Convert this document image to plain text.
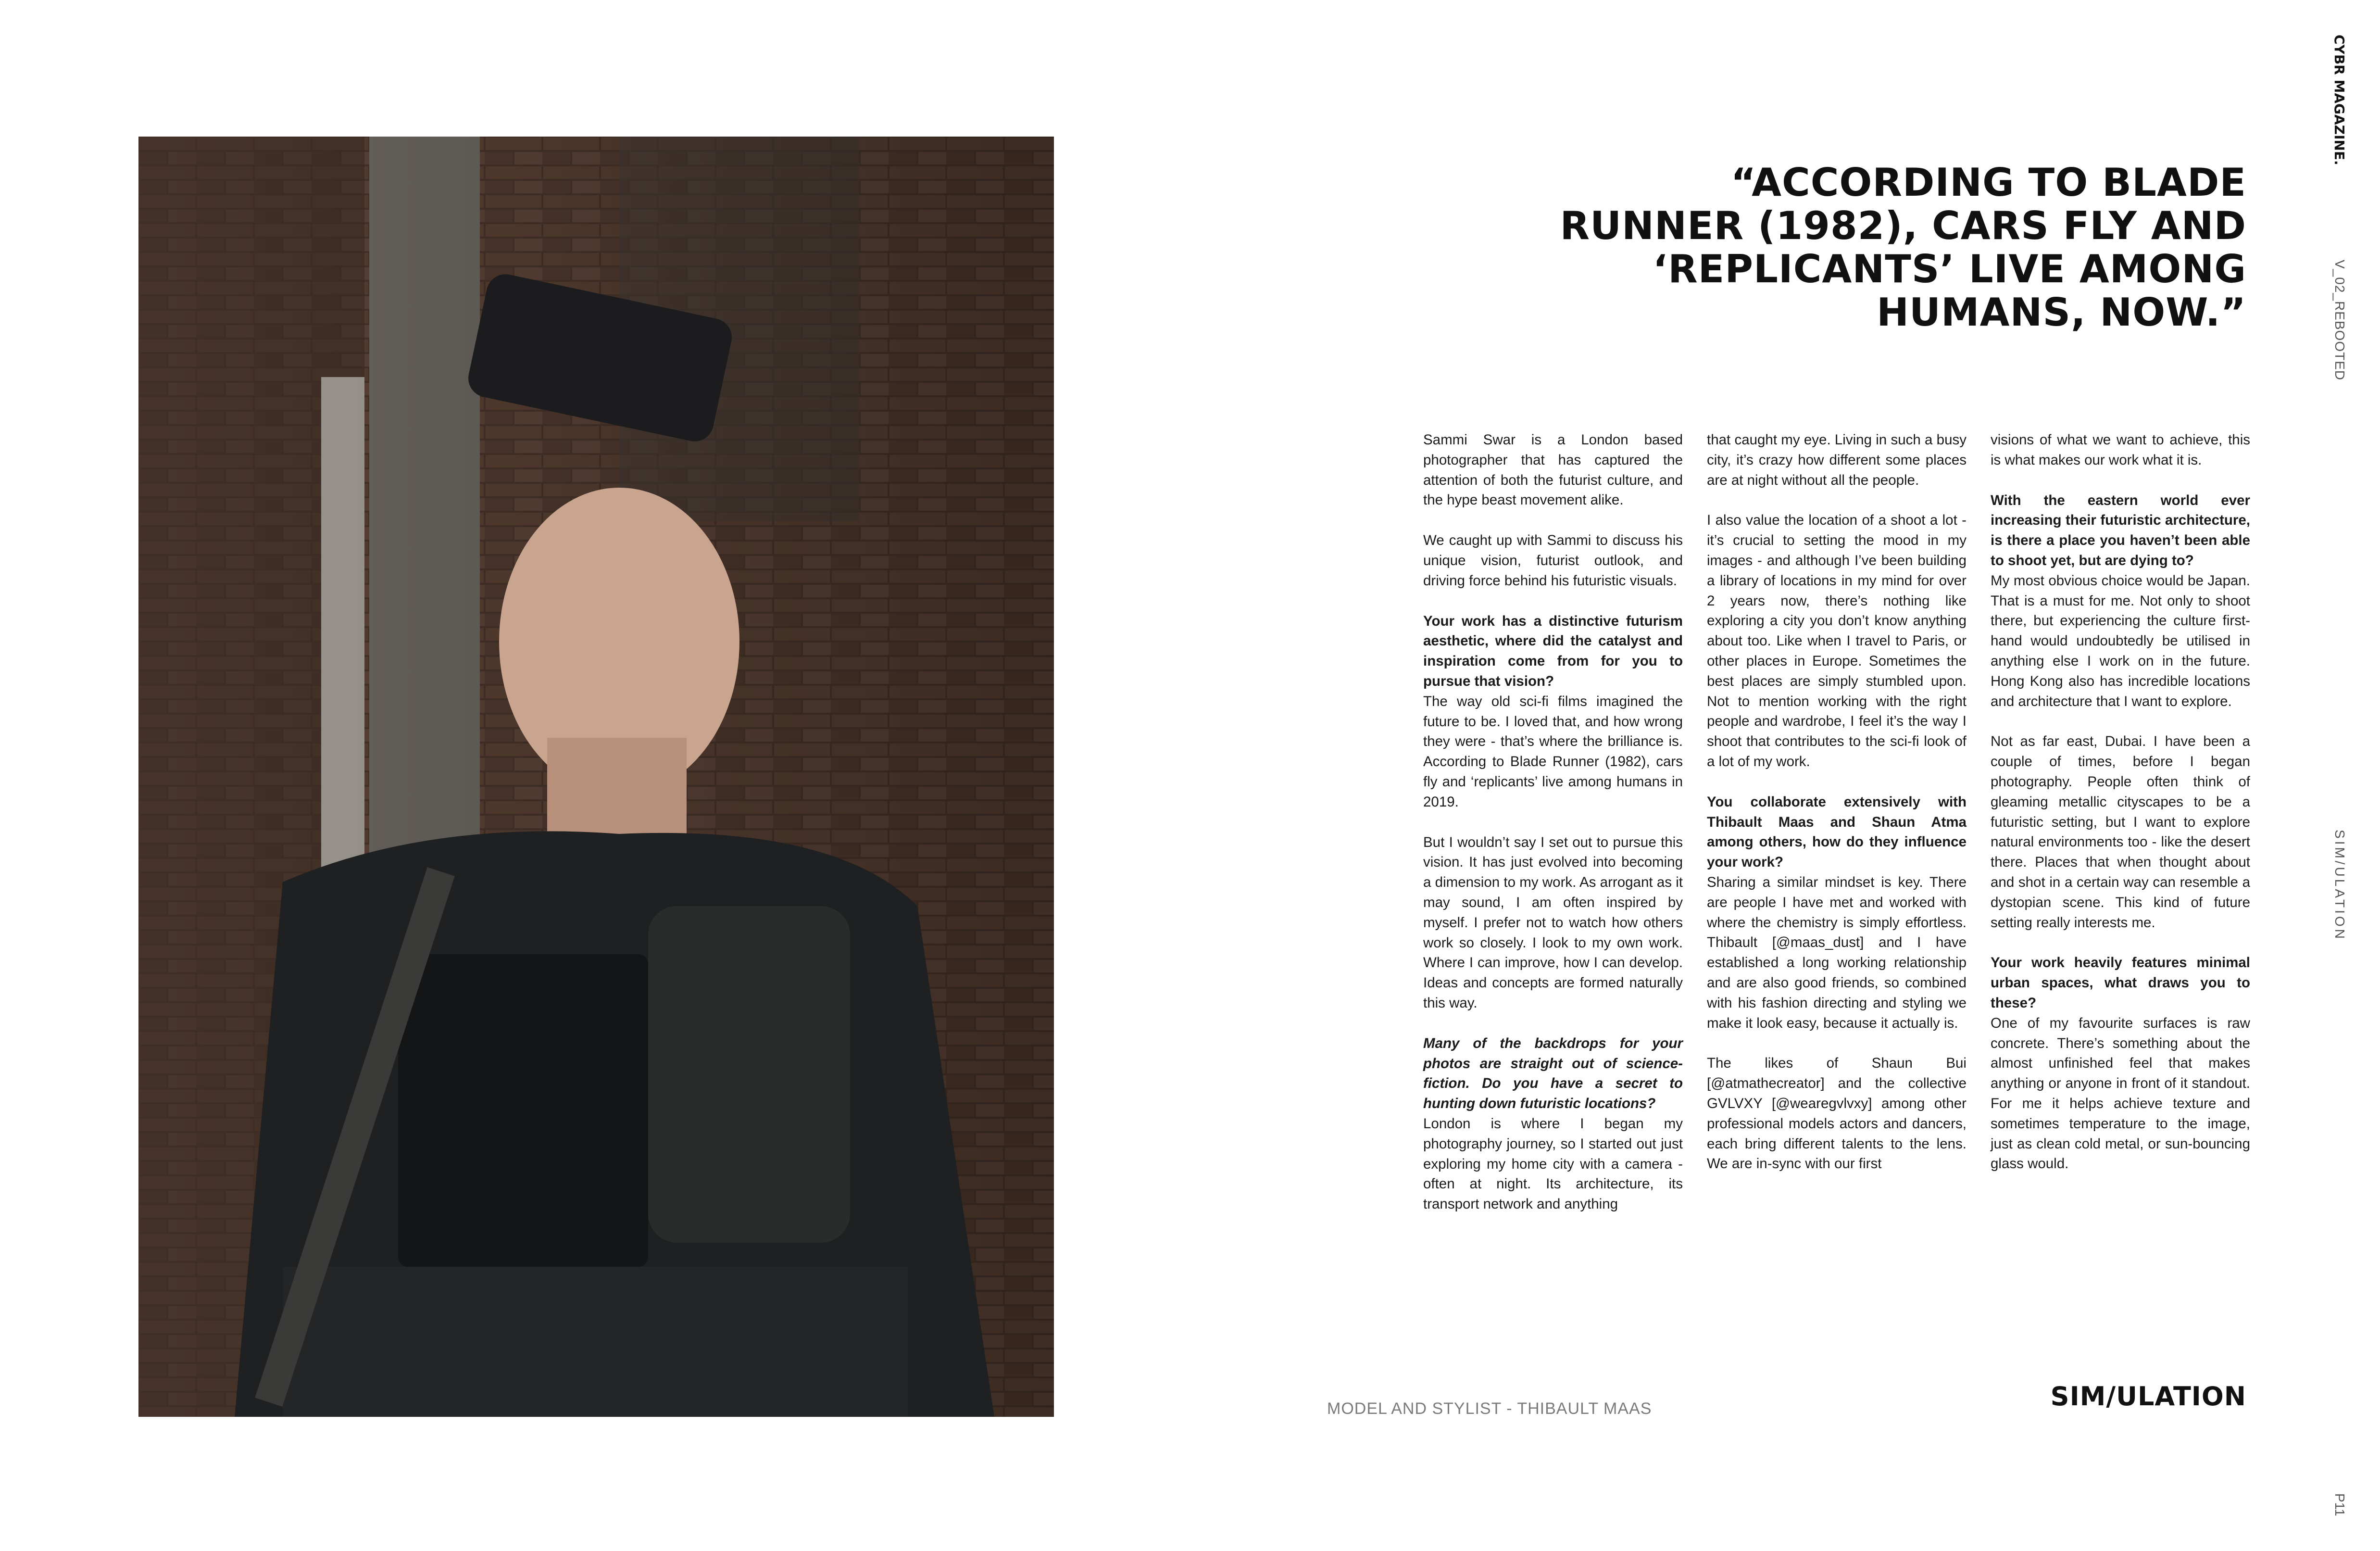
MODEL AND STYLIST - THIBAULT MAAS
“ACCORDING TO BLADE
RUNNER (1982), CARS FLY AND
‘REPLICANTS’ LIVE AMONG
HUMANS, NOW.”

Sammi Swar is a London based photographer that has captured the attention of both the futurist culture, and the hype beast movement alike.

We caught up with Sammi to discuss his unique vision, futurist outlook, and driving force behind his futuristic visuals.

Your work has a distinctive futurism aesthetic, where did the catalyst and inspiration come from for you to pursue that vision?
The way old sci-fi films imagined the future to be. I loved that, and how wrong they were - that’s where the brilliance is. According to Blade Runner (1982), cars fly and ‘replicants’ live among humans in 2019.

But I wouldn’t say I set out to pursue this vision. It has just evolved into becoming a dimension to my work. As arrogant as it may sound, I am often inspired by myself. I prefer not to watch how others work so closely. I look to my own work. Where I can improve, how I can develop. Ideas and concepts are formed naturally this way.

Many of the backdrops for your photos are straight out of science-fiction. Do you have a secret to hunting down futuristic locations?
London is where I began my photography journey, so I started out just exploring my home city with a camera - often at night. Its architecture, its transport network and anything

that caught my eye. Living in such a busy city, it’s crazy how different some places are at night without all the people.

I also value the location of a shoot a lot - it’s crucial to setting the mood in my images - and although I’ve been building a library of locations in my mind for over 2 years now, there’s nothing like exploring a city you don’t know anything about too. Like when I travel to Paris, or other places in Europe. Sometimes the best places are simply stumbled upon. Not to mention working with the right people and wardrobe, I feel it’s the way I shoot that contributes to the sci-fi look of a lot of my work.

You collaborate extensively with Thibault Maas and Shaun Atma among others, how do they influence your work?
Sharing a similar mindset is key. There are people I have met and worked with where the chemistry is simply effortless. Thibault [@maas_dust] and I have established a long working relationship and are also good friends, so combined with his fashion directing and styling we make it look easy, because it actually is.

The likes of Shaun Bui [@atmathecreator] and the collective GVLVXY [@wearegvlvxy] among other professional models actors and dancers, each bring different talents to the lens. We are in-sync with our first

visions of what we want to achieve, this is what makes our work what it is.

With the eastern world ever increasing their futuristic architecture, is there a place you haven’t been able to shoot yet, but are dying to?
My most obvious choice would be Japan. That is a must for me. Not only to shoot there, but experiencing the culture first-hand would undoubtedly be utilised in anything else I work on in the future. Hong Kong also has incredible locations and architecture that I want to explore.

Not as far east, Dubai. I have been a couple of times, before I began photography. People often think of gleaming metallic cityscapes to be a futuristic setting, but I want to explore natural environments too - like the desert there. Places that when thought about and shot in a certain way can resemble a dystopian scene. This kind of future setting really interests me.

Your work heavily features minimal urban spaces, what draws you to these?
One of my favourite surfaces is raw concrete. There’s something about the almost unfinished feel that makes anything or anyone in front of it standout. For me it helps achieve texture and sometimes temperature to the image, just as clean cold metal, or sun-bouncing glass would.

SIM/ULATION
CYBR MAGAZINE.
V_02_REBOOTED
SIM/ULATION
P11
